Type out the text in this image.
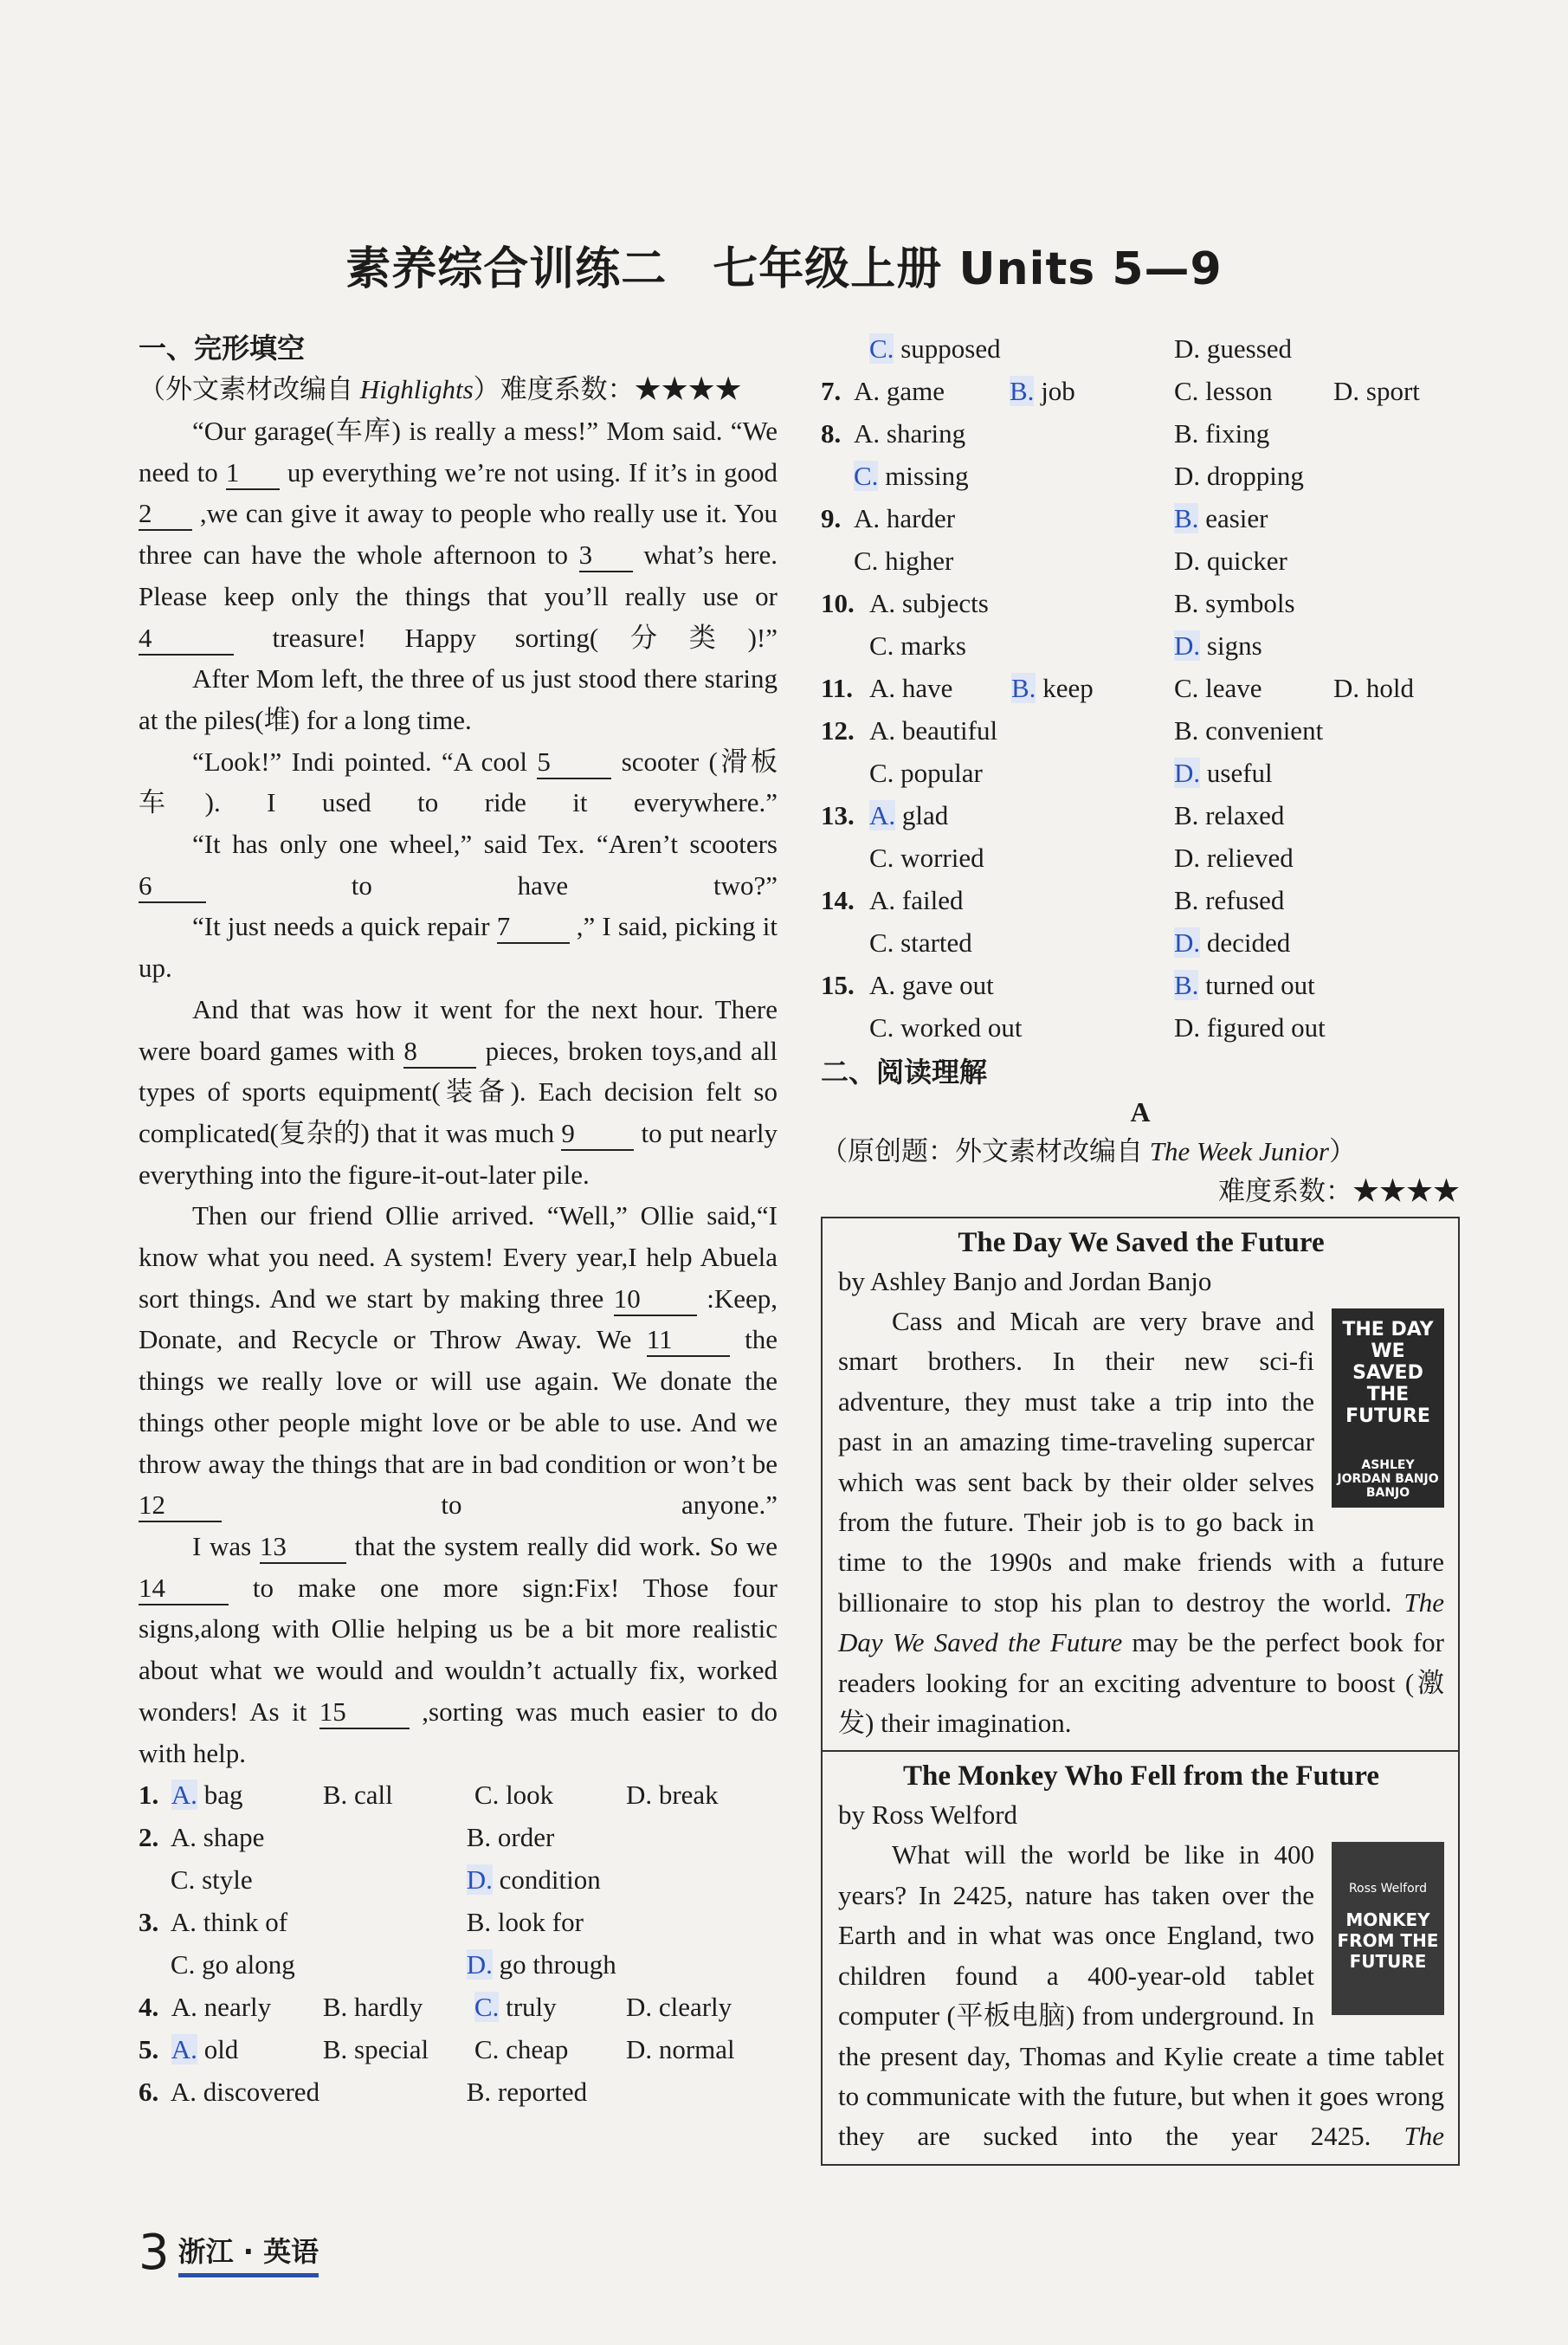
素养综合训练二　七年级上册 Units 5—9
一、完形填空
（外文素材改编自 Highlights）难度系数：★★★★

“Our garage(车库) is really a mess!” Mom said. “We need to 1 up everything we’re not using. If it’s in good 2 ,we can give it away to people who really use it. You three can have the whole afternoon to 3 what’s here. Please keep only the things that you’ll really use or 4	treasure! Happy sorting(分类)!”

After Mom left, the three of us just stood there staring at the piles(堆) for a long time.

“Look!” Indi pointed. “A cool 5 scooter (滑板车). I used to ride it everywhere.”

“It has only one wheel,” said Tex. “Aren’t scooters 6 to have two?”

“It just needs a quick repair 7 ,” I said, picking it up.

And that was how it went for the next hour. There were board games with 8 pieces, broken toys,and all types of sports equipment(装备). Each decision felt so complicated(复杂的) that it was much 9 to put nearly everything into the figure-it-out-later pile.

Then our friend Ollie arrived. “Well,” Ollie said,“I know what you need. A system! Every year,I help Abuela sort things. And we start by making three 10 :Keep, Donate, and Recycle or Throw Away. We 11 the things we really love or will use again. We donate the things other people might love or be able to use. And we throw away the things that are in bad condition or won’t be 12 to anyone.”

I was 13 that the system really did work. So we 14 to make one more sign:Fix! Those four signs,along with Ollie helping us be a bit more realistic about what we would and wouldn’t actually fix, worked wonders! As it 15 ,sorting was much easier to do with help.

1. A. bag	B. call	C. look	D. break
2. A. shape	B. order
C. style	D. condition
3. A. think of	B. look for
C. go along	D. go through
4. A. nearly	B. hardly	C. truly	D. clearly
5. A. old	B. special	C. cheap	D. normal
6. A. discovered	B. reported
C. supposed	D. guessed
7. A. game	B. job	C. lesson	D. sport
8. A. sharing	B. fixing
C. missing	D. dropping
9. A. harder	B. easier
C. higher	D. quicker
10. A. subjects	B. symbols
C. marks	D. signs
11. A. have	B. keep	C. leave	D. hold
12. A. beautiful	B. convenient
C. popular	D. useful
13. A. glad	B. relaxed
C. worried	D. relieved
14. A. failed	B. refused
C. started	D. decided
15. A. gave out	B. turned out
C. worked out	D. figured out
二、阅读理解
A
（原创题：外文素材改编自 The Week Junior）
难度系数：★★★★
The Day We Saved the Future
by Ashley Banjo and Jordan Banjo
THE DAY WE SAVED THE FUTURE
ASHLEY JORDAN BANJO BANJO

Cass and Micah are very brave and smart brothers. In their new sci-fi adventure, they must take a trip into the past in an amazing time-traveling supercar which was sent back by their older selves from the future. Their job is to go back in time to the 1990s and make friends with a future billionaire to stop his plan to destroy the world. The Day We Saved the Future may be the perfect book for readers looking for an exciting adventure to boost (激发) their imagination.

The Monkey Who Fell from the Future
by Ross Welford
Ross Welford
MONKEY FROM THE FUTURE

What will the world be like in 400 years? In 2425, nature has taken over the Earth and in what was once England, two children found a 400-year-old tablet computer (平板电脑) from underground. In the present day, Thomas and Kylie create a time tablet to communicate with the future, but when it goes wrong they are sucked into the year 2425. The

3 浙江 · 英语
